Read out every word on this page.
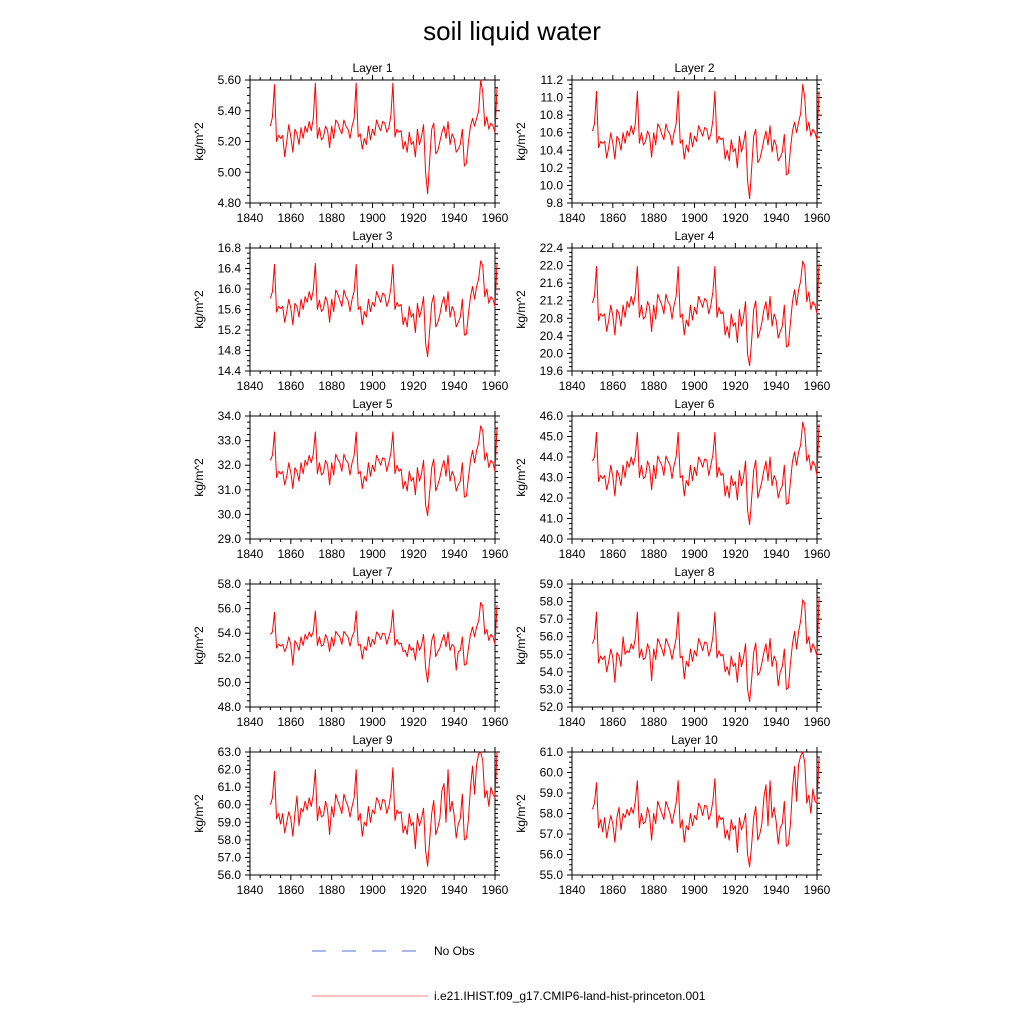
soil liquid water
Layer 1
kg/m^2
1840 1860 1880 1900 1920 1940 1960
4.80
5.00
5.20
5.40
5.60
Layer 2
kg/m^2
1840 1860 1880 1900 1920 1940 1960
9.8
10.0
10.2
10.4
10.6
10.8
11.0
11.2
Layer 3
kg/m^2
1840 1860 1880 1900 1920 1940 1960
14.4
14.8
15.2
15.6
16.0
16.4
16.8
Layer 4
kg/m^2
1840 1860 1880 1900 1920 1940 1960
19.6
20.0
20.4
20.8
21.2
21.6
22.0
22.4
Layer 5
kg/m^2
1840 1860 1880 1900 1920 1940 1960
29.0
30.0
31.0
32.0
33.0
34.0
Layer 6
kg/m^2
1840 1860 1880 1900 1920 1940 1960
40.0
41.0
42.0
43.0
44.0
45.0
46.0
Layer 7
kg/m^2
1840 1860 1880 1900 1920 1940 1960
48.0
50.0
52.0
54.0
56.0
58.0
Layer 8
kg/m^2
1840 1860 1880 1900 1920 1940 1960
52.0
53.0
54.0
55.0
56.0
57.0
58.0
59.0
Layer 9
kg/m^2
1840 1860 1880 1900 1920 1940 1960
56.0
57.0
58.0
59.0
60.0
61.0
62.0
63.0
Layer 10
kg/m^2
1840 1860 1880 1900 1920 1940 1960
55.0
56.0
57.0
58.0
59.0
60.0
61.0
No Obs
i.e21.IHIST.f09_g17.CMIP6-land-hist-princeton.001
